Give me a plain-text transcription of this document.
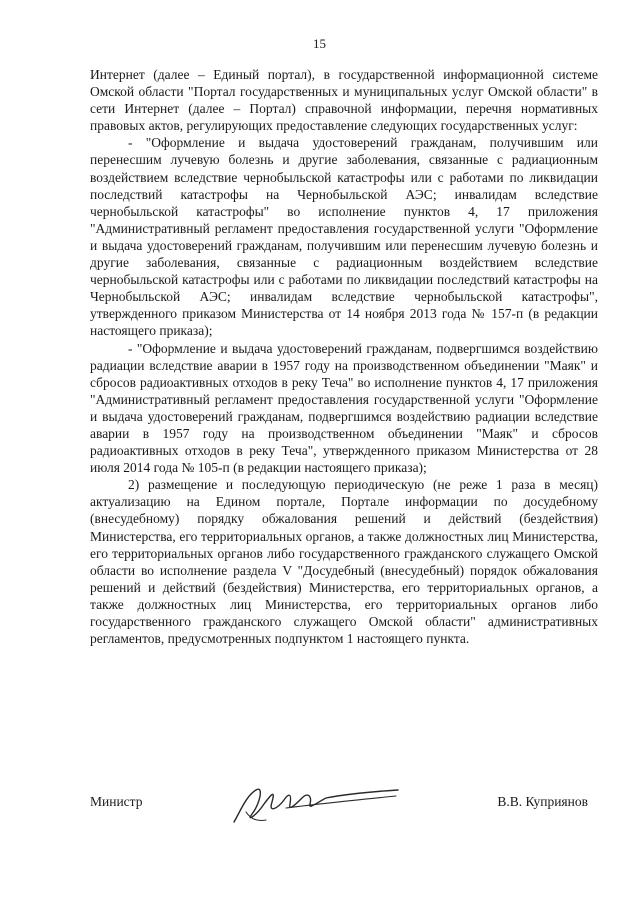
15

Интернет (далее – Единый портал), в государственной информационной системе Омской области "Портал государственных и муниципальных услуг Омской области" в сети Интернет (далее – Портал) справочной информации, перечня нормативных правовых актов, регулирующих предоставление следующих государственных услуг:

- "Оформление и выдача удостоверений гражданам, получившим или перенесшим лучевую болезнь и другие заболевания, связанные с радиационным воздействием вследствие чернобыльской катастрофы или с работами по ликвидации последствий катастрофы на Чернобыльской АЭС; инвалидам вследствие чернобыльской катастрофы" во исполнение пунктов 4, 17 приложения "Административный регламент предоставления государственной услуги "Оформление и выдача удостоверений гражданам, получившим или перенесшим лучевую болезнь и другие заболевания, связанные с радиационным воздействием вследствие чернобыльской катастрофы или с работами по ликвидации последствий катастрофы на Чернобыльской АЭС; инвалидам вследствие чернобыльской катастрофы", утвержденного приказом Министерства от 14 ноября 2013 года № 157-п (в редакции настоящего приказа);

- "Оформление и выдача удостоверений гражданам, подвергшимся воздействию радиации вследствие аварии в 1957 году на производственном объединении "Маяк" и сбросов радиоактивных отходов в реку Теча" во исполнение пунктов 4, 17 приложения "Административный регламент предоставления государственной услуги "Оформление и выдача удостоверений гражданам, подвергшимся воздействию радиации вследствие аварии в 1957 году на производственном объединении "Маяк" и сбросов радиоактивных отходов в реку Теча", утвержденного приказом Министерства от 28 июля 2014 года № 105-п (в редакции настоящего приказа);

2) размещение и последующую периодическую (не реже 1 раза в месяц) актуализацию на Едином портале, Портале информации по досудебному (внесудебному) порядку обжалования решений и действий (бездействия) Министерства, его территориальных органов, а также должностных лиц Министерства, его территориальных органов либо государственного гражданского служащего Омской области во исполнение раздела V "Досудебный (внесудебный) порядок обжалования решений и действий (бездействия) Министерства, его территориальных органов, а также должностных лиц Министерства, его территориальных органов либо государственного гражданского служащего Омской области" административных регламентов, предусмотренных подпунктом 1 настоящего пункта.

Министр	В.В. Куприянов
